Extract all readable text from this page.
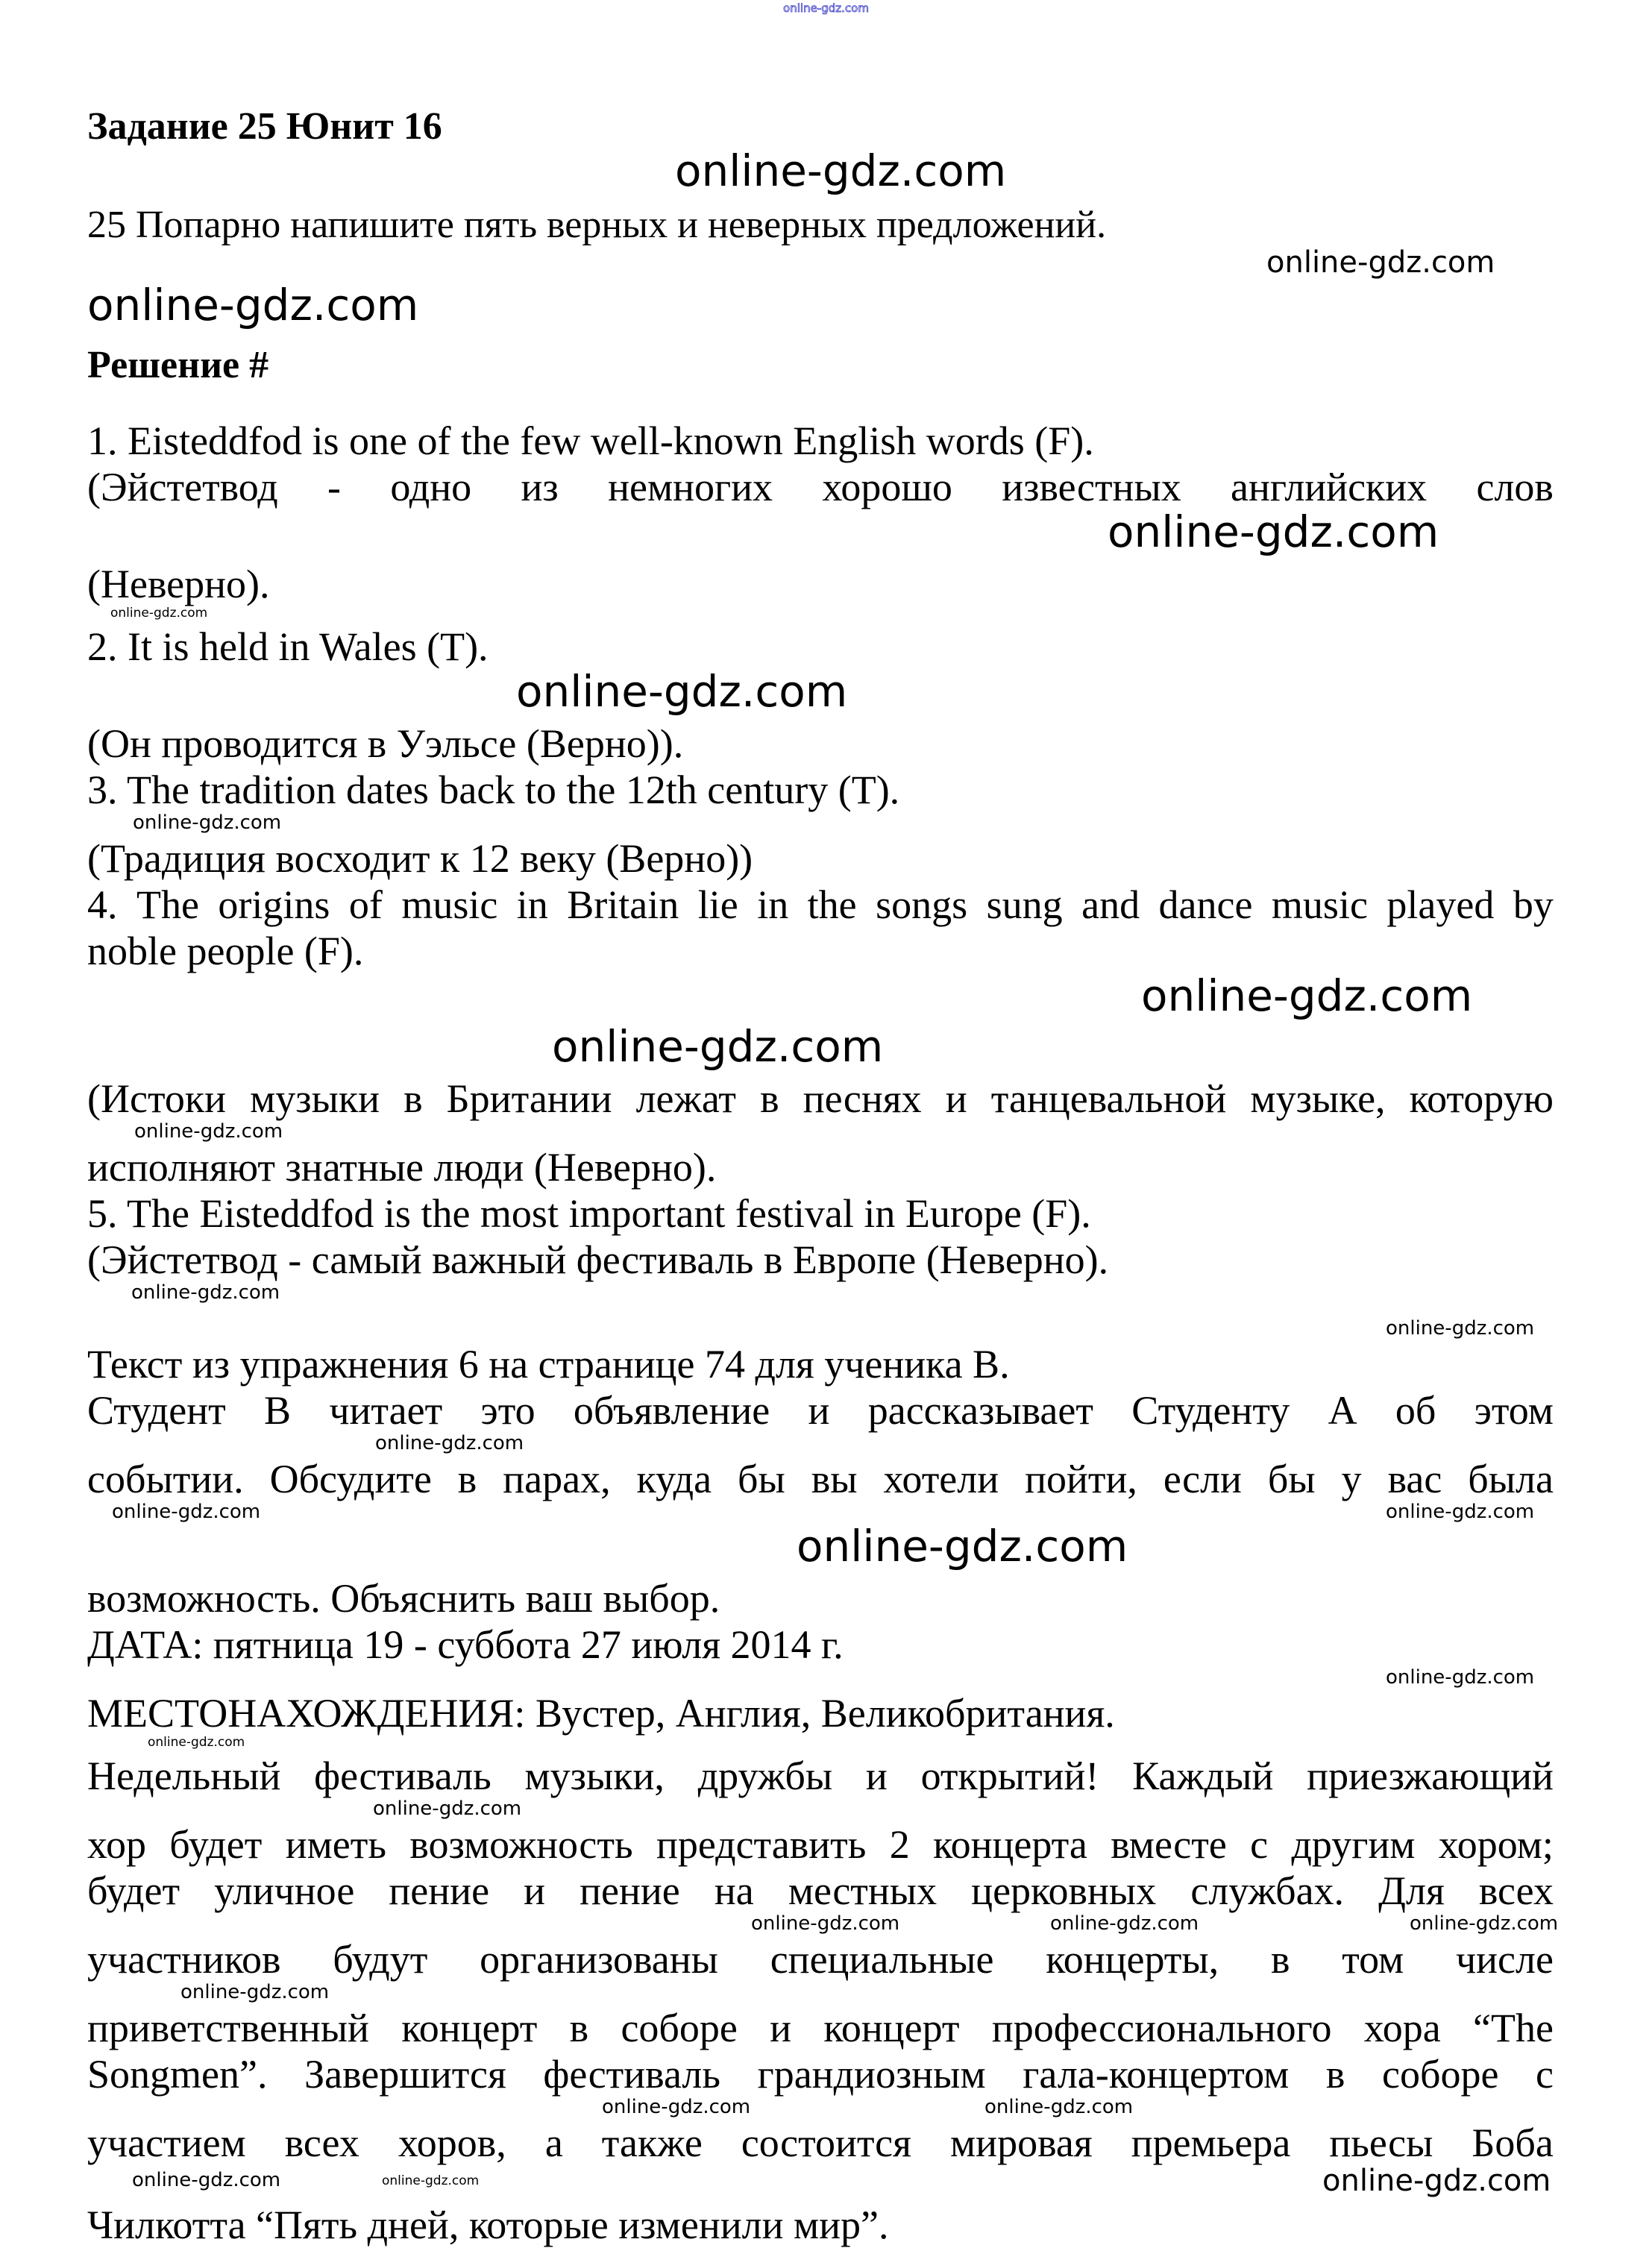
online-gdz.com
Задание 25 Юнит 16
online-gdz.com
25 Попарно напишите пять верных и неверных предложений.
online-gdz.com
online-gdz.com
Решение #
1. Eisteddfod is one of the few well-known English words (F).
(Эйстетвод - одно из немногих хорошо известных английских слов
online-gdz.com
(Неверно).
online-gdz.com
2. It is held in Wales (T).
online-gdz.com
(Он проводится в Уэльсе (Верно)).
3. The tradition dates back to the 12th century (T).
online-gdz.com
(Традиция восходит к 12 веку (Верно))
4. The origins of music in Britain lie in the songs sung and dance music played by
noble people (F).
online-gdz.com
online-gdz.com
(Истоки музыки в Британии лежат в песнях и танцевальной музыке, которую
online-gdz.com
исполняют знатные люди (Неверно).
5. The Eisteddfod is the most important festival in Europe (F).
(Эйстетвод - самый важный фестиваль в Европе (Неверно).
online-gdz.com
online-gdz.com
Текст из упражнения 6 на странице 74 для ученика B.
Студент B читает это объявление и рассказывает Студенту А об этом
online-gdz.com
событии. Обсудите в парах, куда бы вы хотели пойти, если бы у вас была
online-gdz.com	online-gdz.com
online-gdz.com
возможность. Объяснить ваш выбор.
ДАТА: пятница 19 - суббота 27 июля 2014 г.
online-gdz.com
МЕСТОНАХОЖДЕНИЯ: Вустер, Англия, Великобритания.
online-gdz.com
Недельный фестиваль музыки, дружбы и открытий! Каждый приезжающий
online-gdz.com
хор будет иметь возможность представить 2 концерта вместе с другим хором;
будет уличное пение и пение на местных церковных службах. Для всех
online-gdz.com	online-gdz.com	online-gdz.com
участников будут организованы специальные концерты, в том числе
online-gdz.com
приветственный концерт в соборе и концерт профессионального хора “The
Songmen”. Завершится фестиваль грандиозным гала-концертом в соборе с
online-gdz.com	online-gdz.com
участием всех хоров, а также состоится мировая премьера пьесы Боба
online-gdz.com	online-gdz.com	online-gdz.com
Чилкотта “Пять дней, которые изменили мир”.
